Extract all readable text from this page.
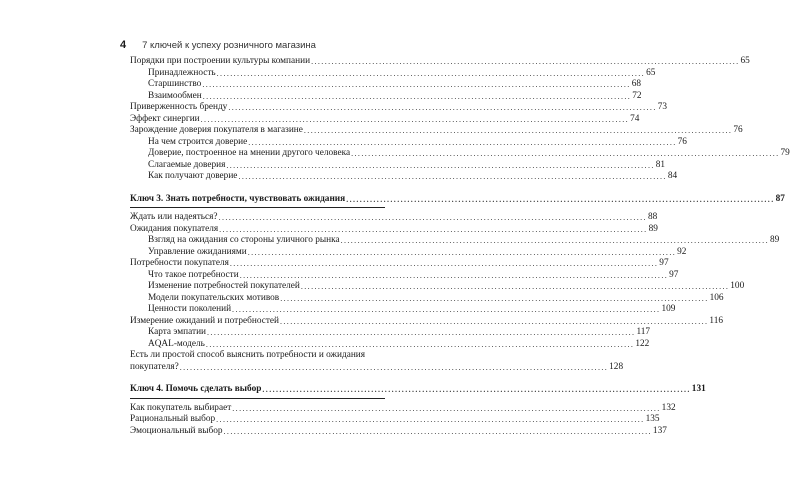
4 7 ключей к успеху розничного магазина
Порядки при построении культуры компании .....	65
Принадлежность .....	65
Старшинство .....	68
Взаимообмен .....	72
Приверженность бренду .....	73
Эффект синергии .....	74
Зарождение доверия покупателя в магазине .....	76
На чем строится доверие .....	76
Доверие, построенное на мнении другого человека .....	79
Слагаемые доверия .....	81
Как получают доверие .....	84
Ключ 3. Знать потребности, чувствовать ожидания .....	87
Ждать или надеяться? .....	88
Ожидания покупателя .....	89
Взгляд на ожидания со стороны уличного рынка .....	89
Управление ожиданиями .....	92
Потребности покупателя .....	97
Что такое потребности .....	97
Изменение потребностей покупателей .....	100
Модели покупательских мотивов .....	106
Ценности поколений .....	109
Измерение ожиданий и потребностей .....	116
Карта эмпатии .....	117
AQAL-модель .....	122
Есть ли простой способ выяснить потребности и ожидания
покупателя? .....	128
Ключ 4. Помочь сделать выбор .....	131
Как покупатель выбирает .....	132
Рациональный выбор .....	135
Эмоциональный выбор .....	137
